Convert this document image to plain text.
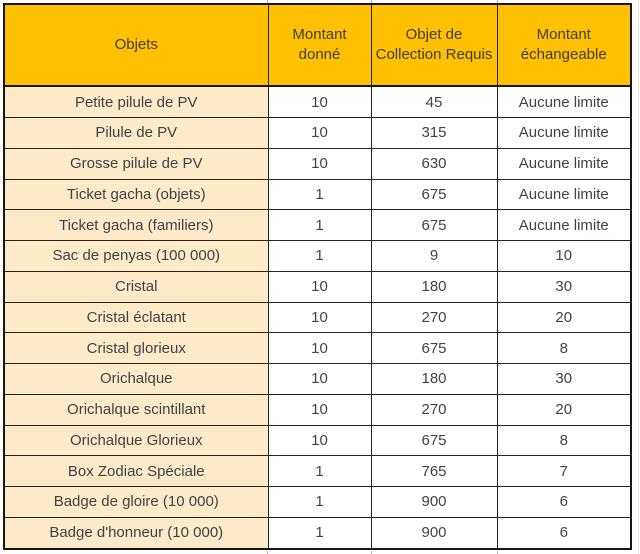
Objets	Montant donné	Objet de Collection Requis	Montant échangeable
Petite pilule de PV	10	45	Aucune limite
Pilule de PV	10	315	Aucune limite
Grosse pilule de PV	10	630	Aucune limite
Ticket gacha (objets)	1	675	Aucune limite
Ticket gacha (familiers)	1	675	Aucune limite
Sac de penyas (100 000)	1	9	10
Cristal	10	180	30
Cristal éclatant	10	270	20
Cristal glorieux	10	675	8
Orichalque	10	180	30
Orichalque scintillant	10	270	20
Orichalque Glorieux	10	675	8
Box Zodiac Spéciale	1	765	7
Badge de gloire (10 000)	1	900	6
Badge d'honneur (10 000)	1	900	6
